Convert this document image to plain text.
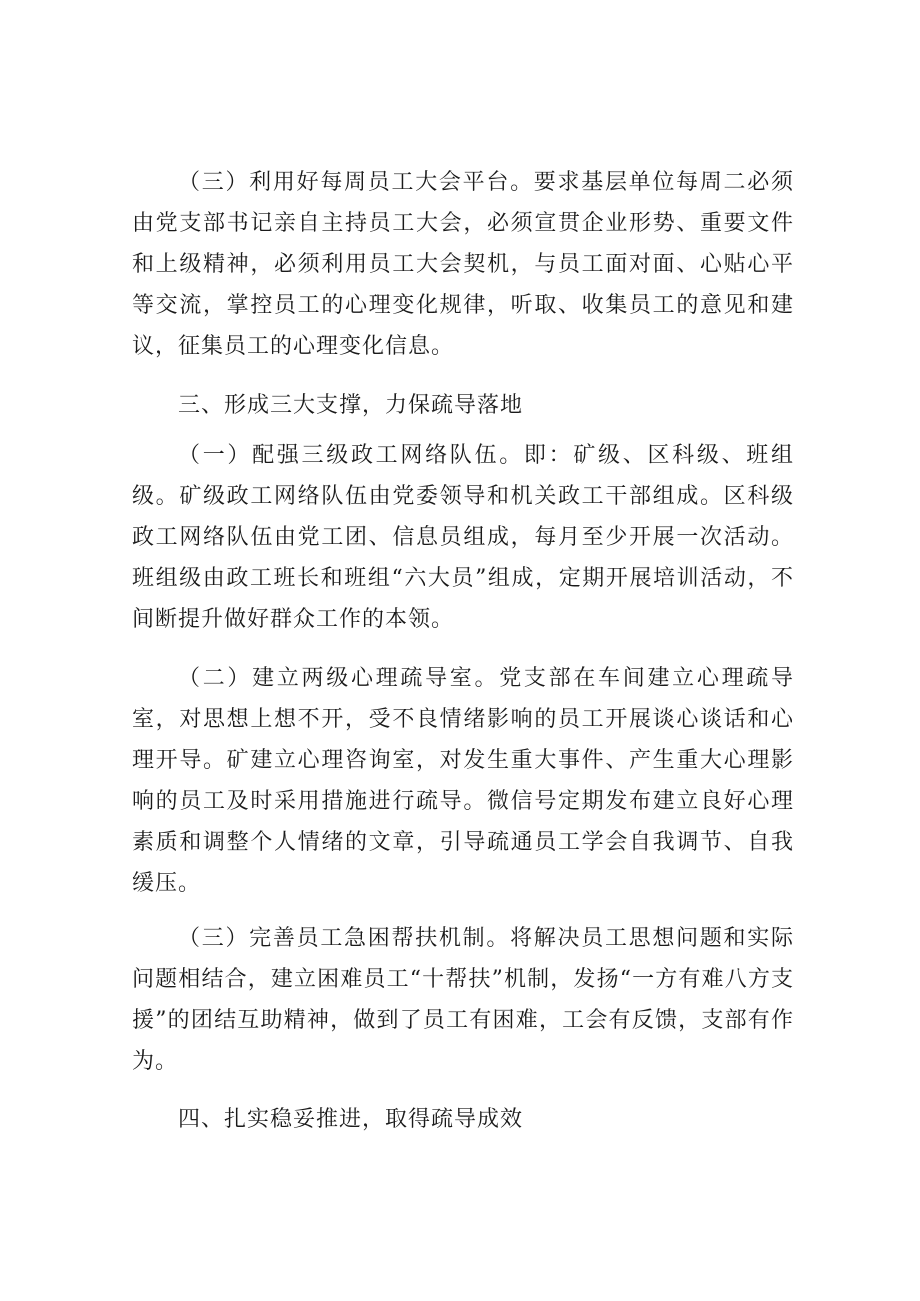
（三）利用好每周员工大会平台。要求基层单位每周二必须由党支部书记亲自主持员工大会，必须宣贯企业形势、重要文件和上级精神，必须利用员工大会契机，与员工面对面、心贴心平等交流，掌控员工的心理变化规律，听取、收集员工的意见和建议，征集员工的心理变化信息。

三、形成三大支撑，力保疏导落地

（一）配强三级政工网络队伍。即：矿级、区科级、班组级。矿级政工网络队伍由党委领导和机关政工干部组成。区科级政工网络队伍由党工团、信息员组成，每月至少开展一次活动。班组级由政工班长和班组“六大员”组成，定期开展培训活动，不间断提升做好群众工作的本领。

（二）建立两级心理疏导室。党支部在车间建立心理疏导室，对思想上想不开，受不良情绪影响的员工开展谈心谈话和心理开导。矿建立心理咨询室，对发生重大事件、产生重大心理影响的员工及时采用措施进行疏导。微信号定期发布建立良好心理素质和调整个人情绪的文章，引导疏通员工学会自我调节、自我缓压。

（三）完善员工急困帮扶机制。将解决员工思想问题和实际问题相结合，建立困难员工“十帮扶”机制，发扬“一方有难八方支援”的团结互助精神，做到了员工有困难，工会有反馈，支部有作为。

四、扎实稳妥推进，取得疏导成效
